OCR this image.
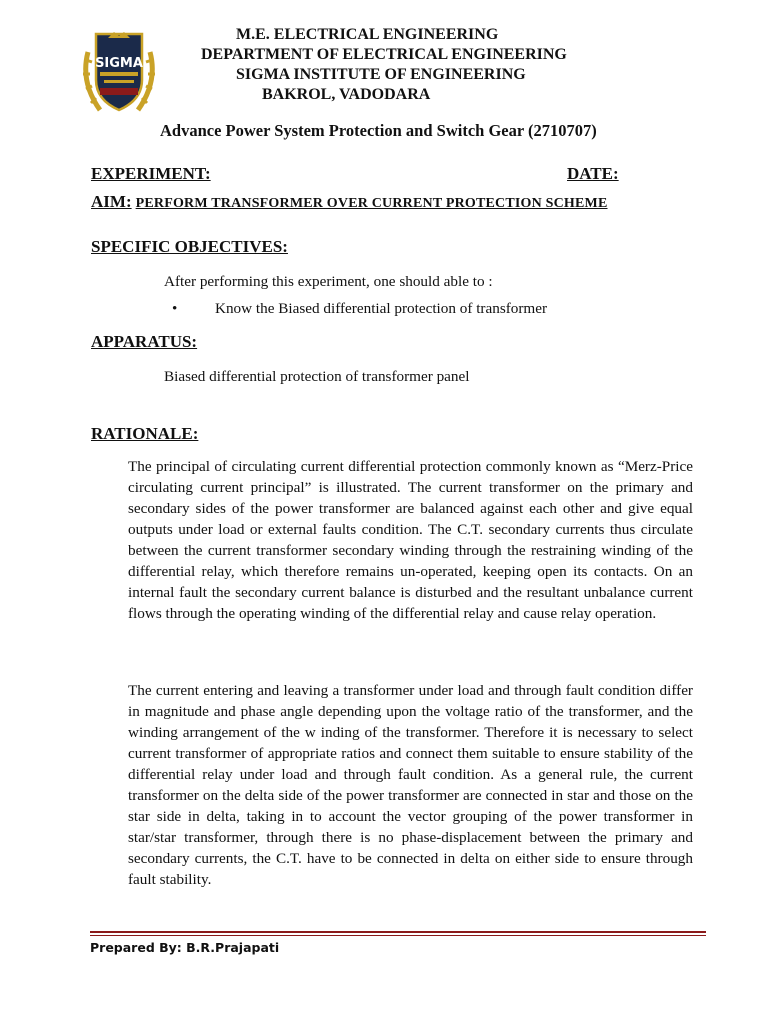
SIGMA
M.E. ELECTRICAL ENGINEERING
DEPARTMENT OF ELECTRICAL ENGINEERING
SIGMA INSTITUTE OF ENGINEERING
BAKROL, VADODARA
Advance Power System Protection and Switch Gear (2710707)
EXPERIMENT:	DATE:
AIM: PERFORM TRANSFORMER OVER CURRENT PROTECTION SCHEME
SPECIFIC OBJECTIVES:
After performing this experiment, one should able to :
• Know the Biased differential protection of transformer
APPARATUS:
Biased differential protection of transformer panel
RATIONALE:
The principal of circulating current differential protection commonly known as “Merz-Price circulating current principal” is illustrated. The current transformer on the primary and secondary sides of the power transformer are balanced against each other and give equal outputs under load or external faults condition. The C.T. secondary currents thus circulate between the current transformer secondary winding through the restraining winding of the differential relay, which therefore remains un-operated, keeping open its contacts. On an internal fault the secondary current balance is disturbed and the resultant unbalance current flows through the operating winding of the differential relay and cause relay operation.
The current entering and leaving a transformer under load and through fault condition differ in magnitude and phase angle depending upon the voltage ratio of the transformer, and the winding arrangement of the w inding of the transformer. Therefore it is necessary to select current transformer of appropriate ratios and connect them suitable to ensure stability of the differential relay under load and through fault condition. As a general rule, the current transformer on the delta side of the power transformer are connected in star and those on the star side in delta, taking in to account the vector grouping of the power transformer in star/star transformer, through there is no phase-displacement between the primary and secondary currents, the C.T. have to be connected in delta on either side to ensure through fault stability.
Prepared By: B.R.Prajapati
